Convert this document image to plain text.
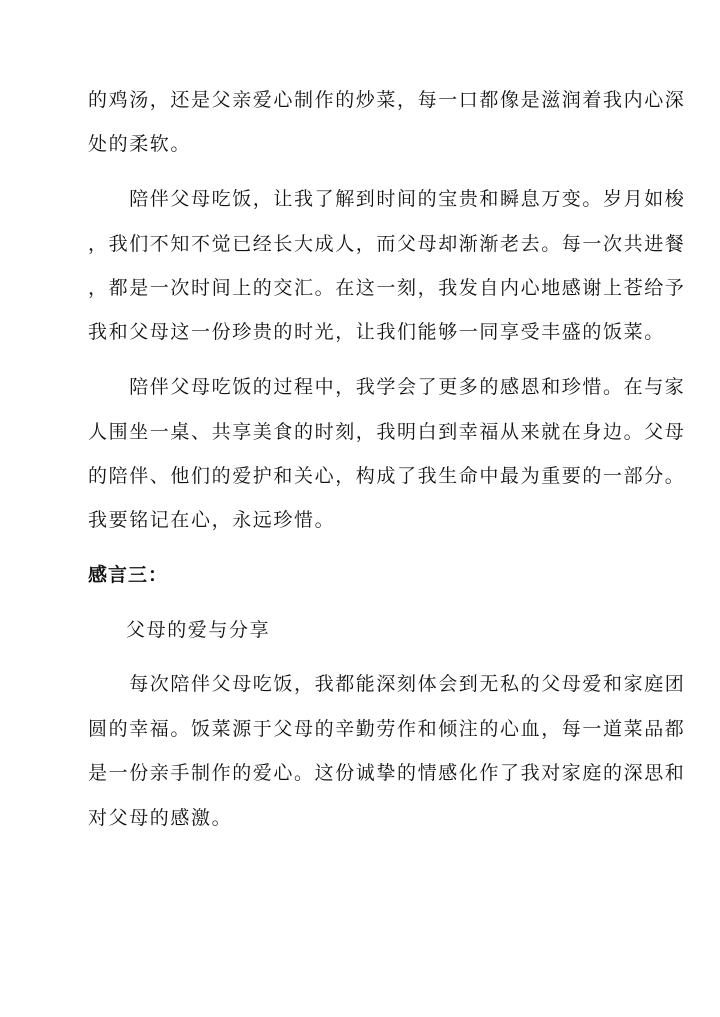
的鸡汤，还是父亲爱心制作的炒菜，每一口都像是滋润着我内心深
处的柔软。
　　陪伴父母吃饭，让我了解到时间的宝贵和瞬息万变。岁月如梭
，我们不知不觉已经长大成人，而父母却渐渐老去。每一次共进餐
，都是一次时间上的交汇。在这一刻，我发自内心地感谢上苍给予
我和父母这一份珍贵的时光，让我们能够一同享受丰盛的饭菜。
　　陪伴父母吃饭的过程中，我学会了更多的感恩和珍惜。在与家
人围坐一桌、共享美食的时刻，我明白到幸福从来就在身边。父母
的陪伴、他们的爱护和关心，构成了我生命中最为重要的一部分。
我要铭记在心，永远珍惜。
感言三：
父母的爱与分享
　　每次陪伴父母吃饭，我都能深刻体会到无私的父母爱和家庭团
圆的幸福。饭菜源于父母的辛勤劳作和倾注的心血，每一道菜品都
是一份亲手制作的爱心。这份诚挚的情感化作了我对家庭的深思和
对父母的感激。
